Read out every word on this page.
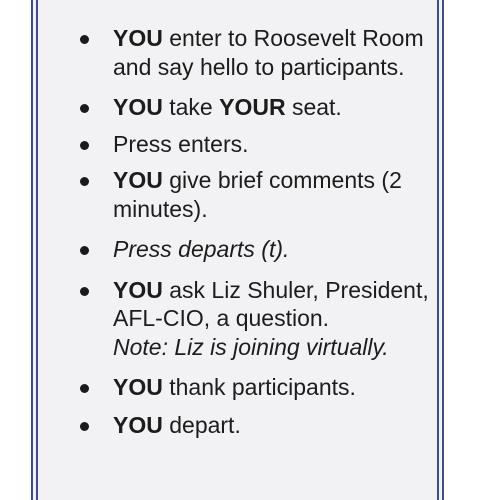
YOU enter to Roosevelt Room and say hello to participants.
YOU take YOUR seat.
Press enters.
YOU give brief comments (2 minutes).
Press departs (t).
YOU ask Liz Shuler, President, AFL-CIO, a question.
Note: Liz is joining virtually.
YOU thank participants.
YOU depart.
